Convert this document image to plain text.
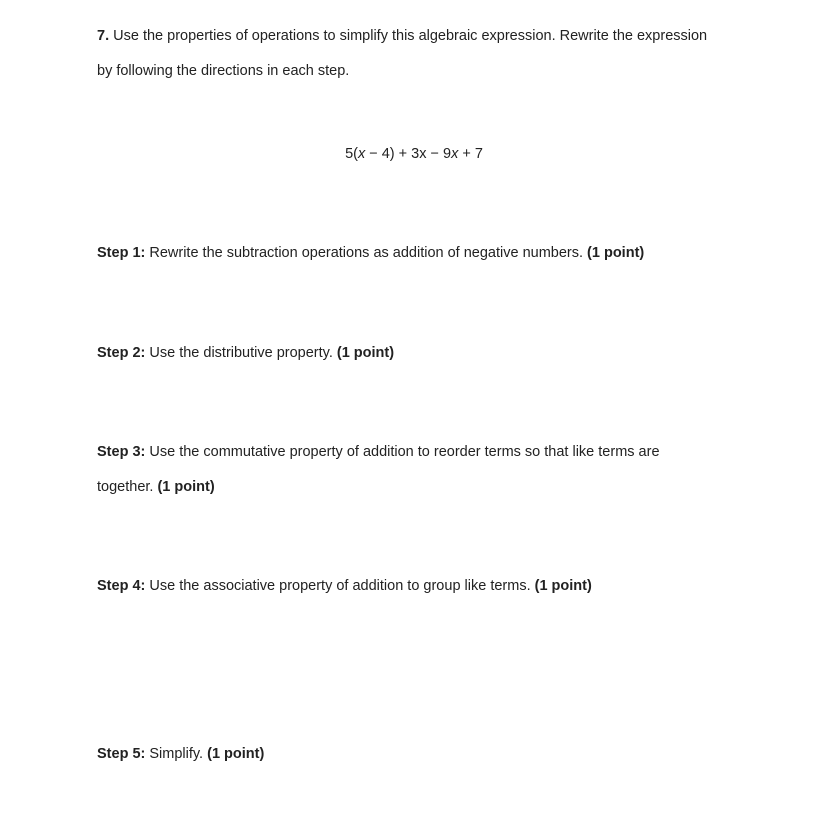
7. Use the properties of operations to simplify this algebraic expression. Rewrite the expression
by following the directions in each step.
5(x − 4) + 3x − 9x + 7
Step 1: Rewrite the subtraction operations as addition of negative numbers. (1 point)
Step 2: Use the distributive property. (1 point)
Step 3: Use the commutative property of addition to reorder terms so that like terms are
together. (1 point)
Step 4: Use the associative property of addition to group like terms. (1 point)
Step 5: Simplify. (1 point)
